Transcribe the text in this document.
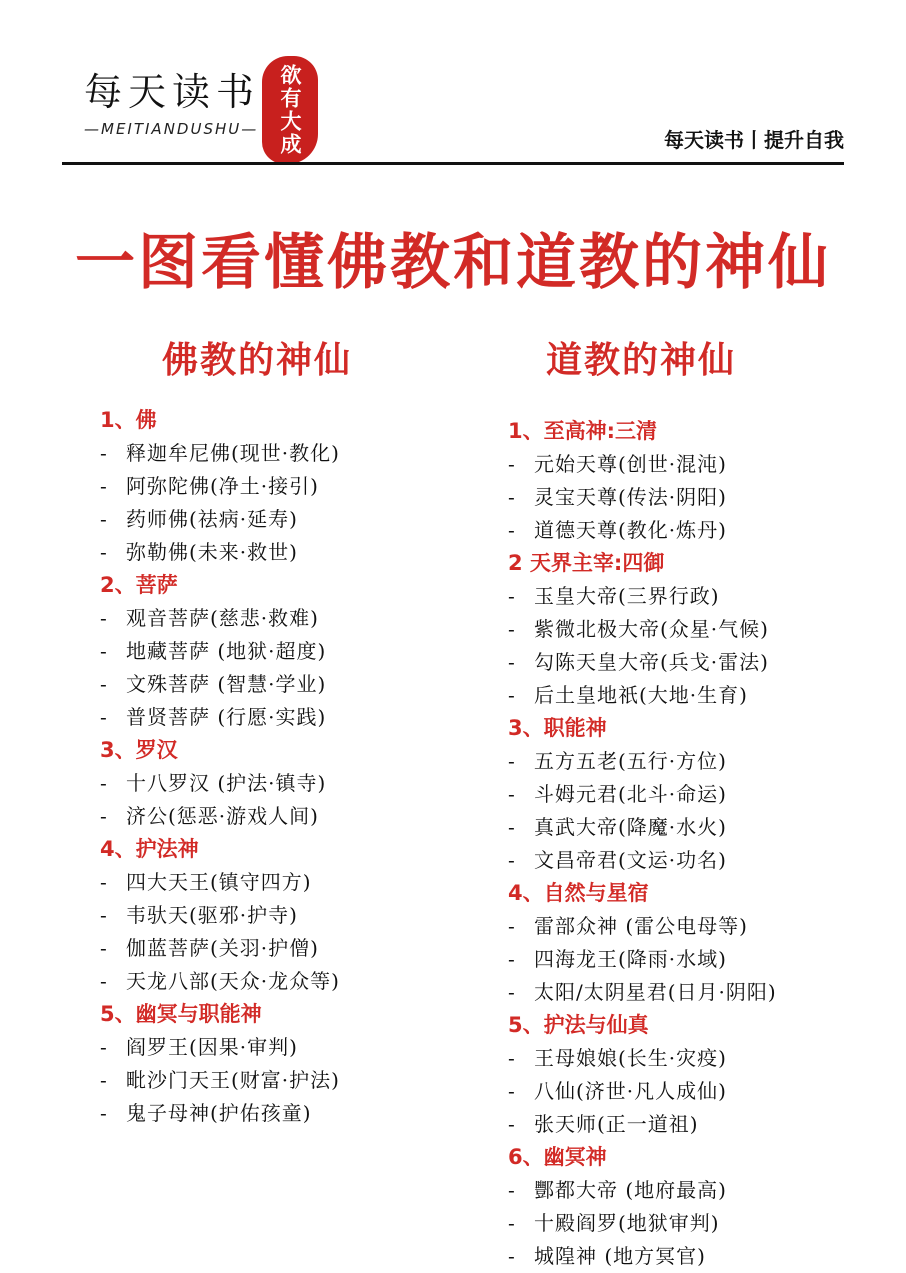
每天读书
—MEITIANDUSHU— 欲有大成	每天读书丨提升自我
一图看懂佛教和道教的神仙
佛教的神仙	道教的神仙
1、佛
- 释迦牟尼佛(现世·教化)
- 阿弥陀佛(净土·接引)
- 药师佛(祛病·延寿)
- 弥勒佛(未来·救世)
2、菩萨
- 观音菩萨(慈悲·救难)
- 地藏菩萨 (地狱·超度)
- 文殊菩萨 (智慧·学业)
- 普贤菩萨 (行愿·实践)
3、罗汉
- 十八罗汉 (护法·镇寺)
- 济公(惩恶·游戏人间)
4、护法神
- 四大天王(镇守四方)
- 韦驮天(驱邪·护寺)
- 伽蓝菩萨(关羽·护僧)
- 天龙八部(天众·龙众等)
5、幽冥与职能神
- 阎罗王(因果·审判)
- 毗沙门天王(财富·护法)
- 鬼子母神(护佑孩童)
1、至高神:三清
- 元始天尊(创世·混沌)
- 灵宝天尊(传法·阴阳)
- 道德天尊(教化·炼丹)
2 天界主宰:四御
- 玉皇大帝(三界行政)
- 紫微北极大帝(众星·气候)
- 勾陈天皇大帝(兵戈·雷法)
- 后土皇地祇(大地·生育)
3、职能神
- 五方五老(五行·方位)
- 斗姆元君(北斗·命运)
- 真武大帝(降魔·水火)
- 文昌帝君(文运·功名)
4、自然与星宿
- 雷部众神 (雷公电母等)
- 四海龙王(降雨·水域)
- 太阳/太阴星君(日月·阴阳)
5、护法与仙真
- 王母娘娘(长生·灾疫)
- 八仙(济世·凡人成仙)
- 张天师(正一道祖)
6、幽冥神
- 酆都大帝 (地府最高)
- 十殿阎罗(地狱审判)
- 城隍神 (地方冥官)
